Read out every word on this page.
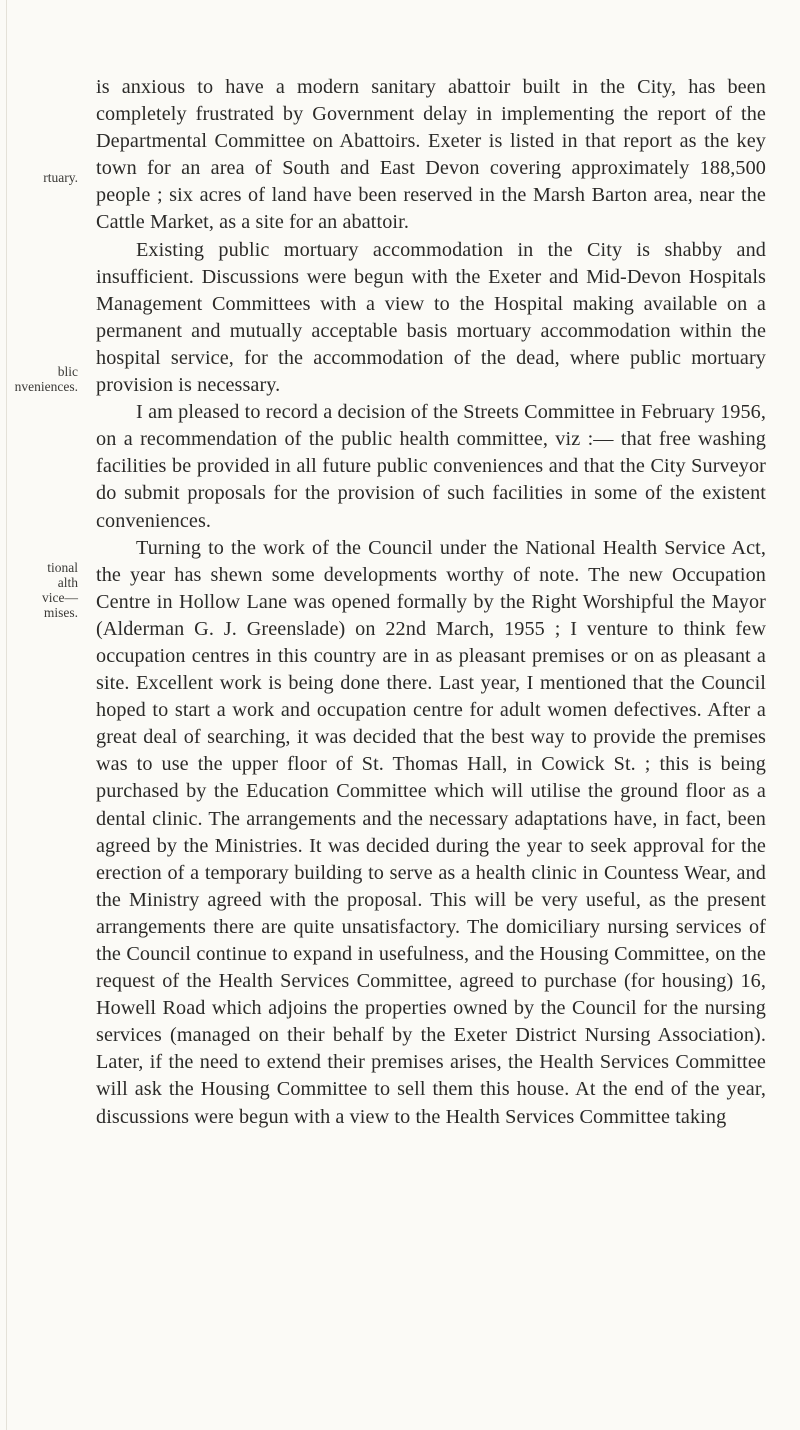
rtuary.
blic
nveniences.
tional
alth
vice—
mises.

is anxious to have a modern sanitary abattoir built in the City, has been completely frustrated by Government delay in implementing the report of the Departmental Committee on Abattoirs. Exeter is listed in that report as the key town for an area of South and East Devon covering approximately 188,500 people ; six acres of land have been reserved in the Marsh Barton area, near the Cattle Market, as a site for an abattoir.

Existing public mortuary accommodation in the City is shabby and insufficient. Discussions were begun with the Exeter and Mid-Devon Hospitals Management Committees with a view to the Hospital making available on a permanent and mutually acceptable basis mortuary accommodation within the hospital service, for the accommodation of the dead, where public mortuary provision is necessary.

I am pleased to record a decision of the Streets Committee in February 1956, on a recommendation of the public health committee, viz :— that free washing facilities be provided in all future public conveniences and that the City Surveyor do submit proposals for the provision of such facilities in some of the existent conveniences.

Turning to the work of the Council under the National Health Service Act, the year has shewn some developments worthy of note. The new Occupation Centre in Hollow Lane was opened formally by the Right Worshipful the Mayor (Alderman G. J. Greenslade) on 22nd March, 1955 ; I venture to think few occupation centres in this country are in as pleasant premises or on as pleasant a site. Excellent work is being done there. Last year, I mentioned that the Council hoped to start a work and occupation centre for adult women defectives. After a great deal of searching, it was decided that the best way to provide the premises was to use the upper floor of St. Thomas Hall, in Cowick St. ; this is being purchased by the Education Committee which will utilise the ground floor as a dental clinic. The arrangements and the necessary adaptations have, in fact, been agreed by the Ministries. It was decided during the year to seek approval for the erection of a temporary building to serve as a health clinic in Countess Wear, and the Ministry agreed with the proposal. This will be very useful, as the present arrangements there are quite unsatisfactory. The domiciliary nursing services of the Council continue to expand in usefulness, and the Housing Committee, on the request of the Health Services Committee, agreed to purchase (for housing) 16, Howell Road which adjoins the properties owned by the Council for the nursing services (managed on their behalf by the Exeter District Nursing Association). Later, if the need to extend their premises arises, the Health Services Committee will ask the Housing Committee to sell them this house. At the end of the year, discussions were begun with a view to the Health Services Committee taking
